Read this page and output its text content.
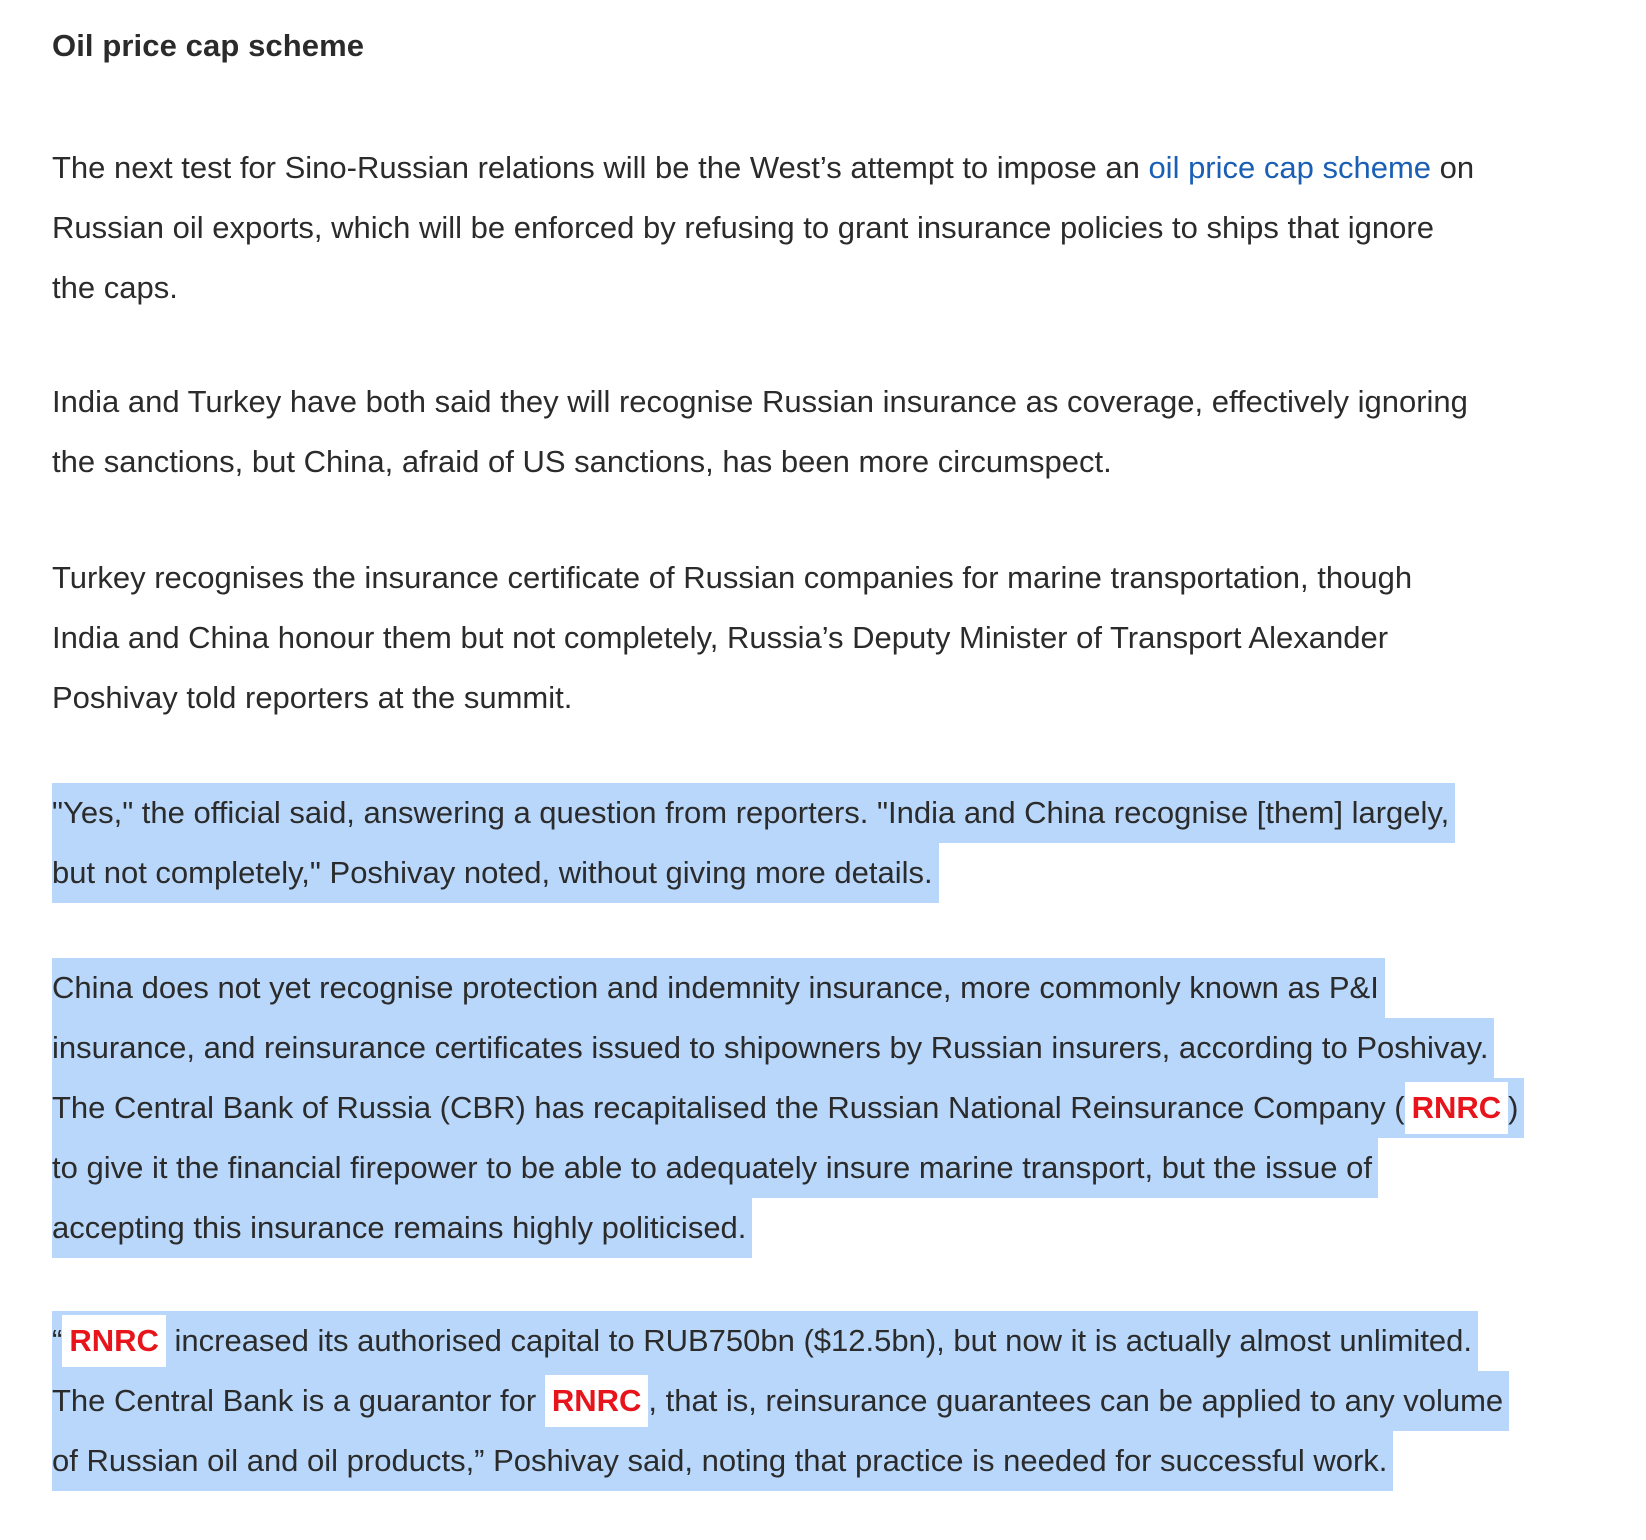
Oil price cap scheme

The next test for Sino-Russian relations will be the West’s attempt to impose an oil price cap scheme on
Russian oil exports, which will be enforced by refusing to grant insurance policies to ships that ignore
the caps.

India and Turkey have both said they will recognise Russian insurance as coverage, effectively ignoring
the sanctions, but China, afraid of US sanctions, has been more circumspect.

Turkey recognises the insurance certificate of Russian companies for marine transportation, though
India and China honour them but not completely, Russia’s Deputy Minister of Transport Alexander
Poshivay told reporters at the summit.

"Yes," the official said, answering a question from reporters. "India and China recognise [them] largely,
but not completely," Poshivay noted, without giving more details.

China does not yet recognise protection and indemnity insurance, more commonly known as P&I
insurance, and reinsurance certificates issued to shipowners by Russian insurers, according to Poshivay.
The Central Bank of Russia (CBR) has recapitalised the Russian National Reinsurance Company ( RNRC )
to give it the financial firepower to be able to adequately insure marine transport, but the issue of
accepting this insurance remains highly politicised.

“ RNRC increased its authorised capital to RUB750bn ($12.5bn), but now it is actually almost unlimited.
The Central Bank is a guarantor for RNRC , that is, reinsurance guarantees can be applied to any volume
of Russian oil and oil products,” Poshivay said, noting that practice is needed for successful work.
